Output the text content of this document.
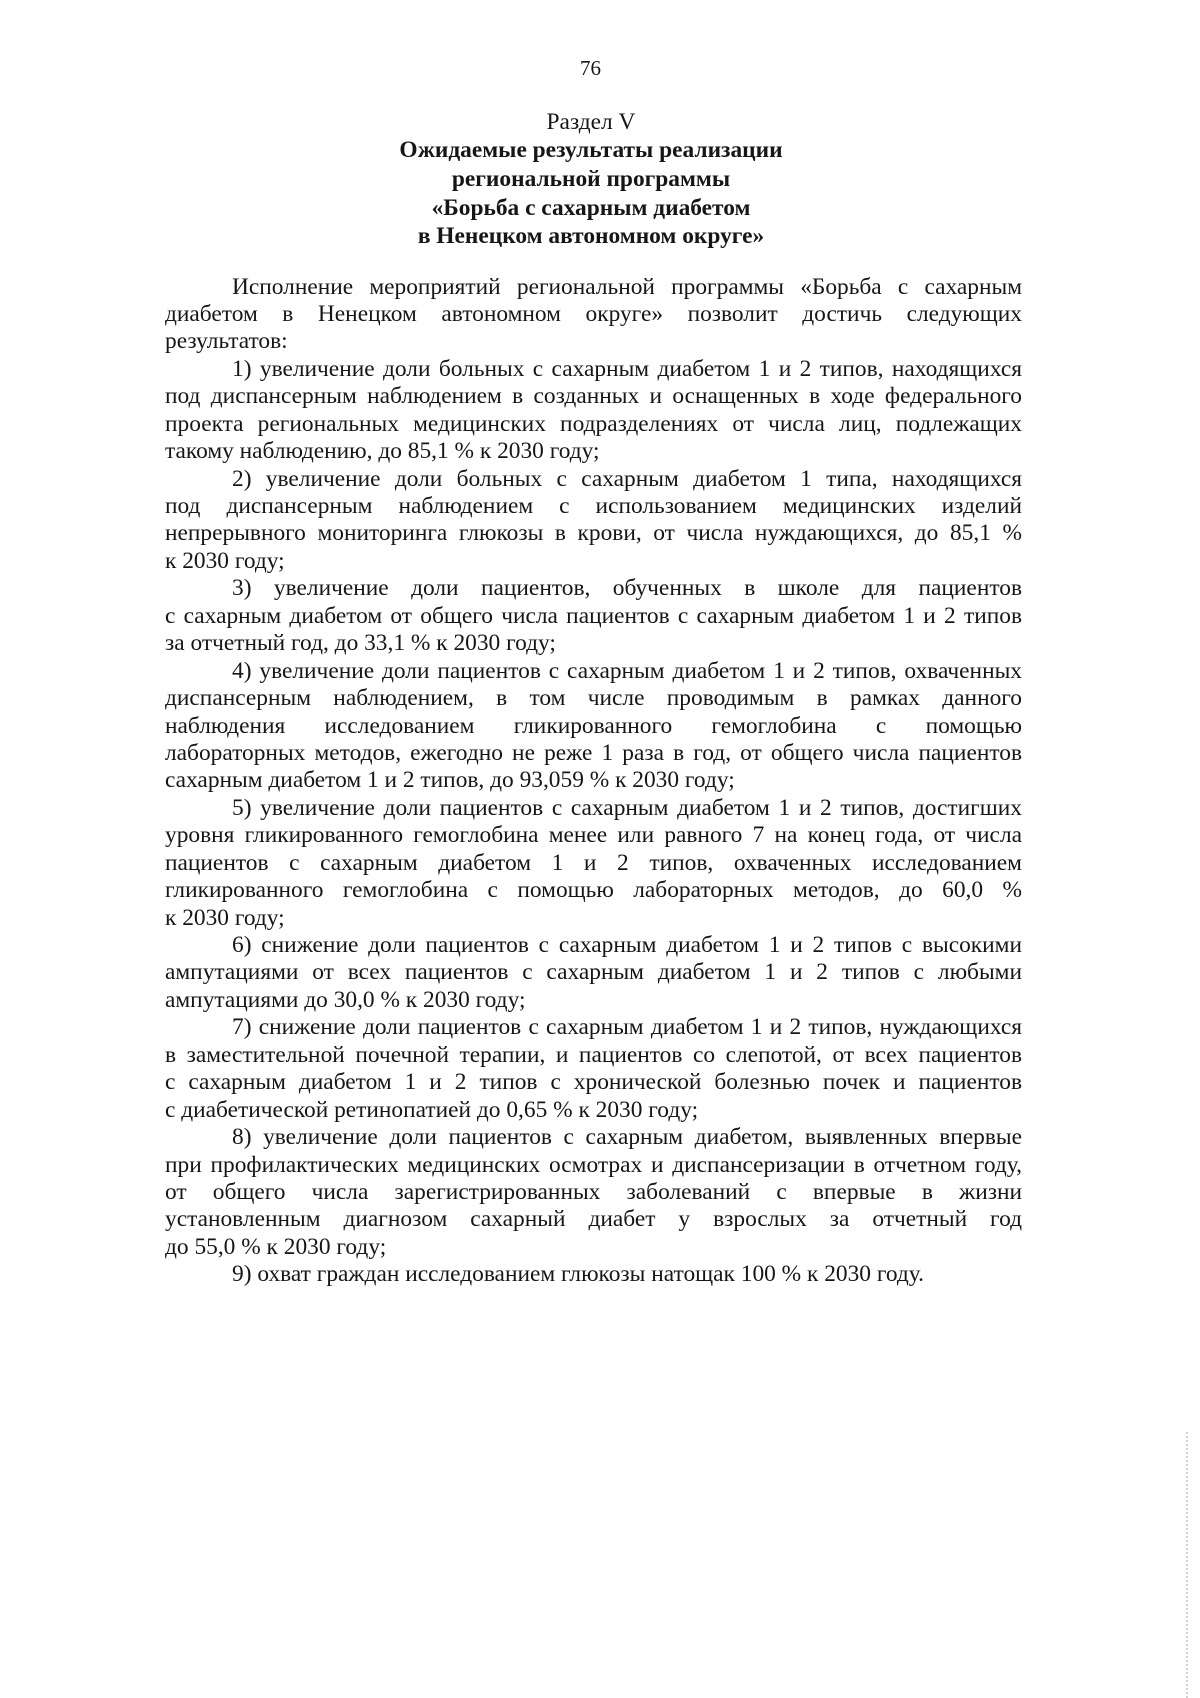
76
Раздел V
Ожидаемые результаты реализации
региональной программы
«Борьба с сахарным диабетом
в Ненецком автономном округе»
Исполнение мероприятий региональной программы «Борьба с сахарным
диабетом в Ненецком автономном округе» позволит достичь следующих
результатов:
1) увеличение доли больных с сахарным диабетом 1 и 2 типов, находящихся
под диспансерным наблюдением в созданных и оснащенных в ходе федерального
проекта региональных медицинских подразделениях от числа лиц, подлежащих
такому наблюдению, до 85,1 % к 2030 году;
2) увеличение доли больных с сахарным диабетом 1 типа, находящихся
под диспансерным наблюдением с использованием медицинских изделий
непрерывного мониторинга глюкозы в крови, от числа нуждающихся, до 85,1 %
к 2030 году;
3) увеличение доли пациентов, обученных в школе для пациентов
с сахарным диабетом от общего числа пациентов с сахарным диабетом 1 и 2 типов
за отчетный год, до 33,1 % к 2030 году;
4) увеличение доли пациентов с сахарным диабетом 1 и 2 типов, охваченных
диспансерным наблюдением, в том числе проводимым в рамках данного
наблюдения исследованием гликированного гемоглобина с помощью
лабораторных методов, ежегодно не реже 1 раза в год, от общего числа пациентов
сахарным диабетом 1 и 2 типов, до 93,059 % к 2030 году;
5) увеличение доли пациентов с сахарным диабетом 1 и 2 типов, достигших
уровня гликированного гемоглобина менее или равного 7 на конец года, от числа
пациентов с сахарным диабетом 1 и 2 типов, охваченных исследованием
гликированного гемоглобина с помощью лабораторных методов, до 60,0 %
к 2030 году;
6) снижение доли пациентов с сахарным диабетом 1 и 2 типов с высокими
ампутациями от всех пациентов с сахарным диабетом 1 и 2 типов с любыми
ампутациями до 30,0 % к 2030 году;
7) снижение доли пациентов с сахарным диабетом 1 и 2 типов, нуждающихся
в заместительной почечной терапии, и пациентов со слепотой, от всех пациентов
с сахарным диабетом 1 и 2 типов с хронической болезнью почек и пациентов
с диабетической ретинопатией до 0,65 % к 2030 году;
8) увеличение доли пациентов с сахарным диабетом, выявленных впервые
при профилактических медицинских осмотрах и диспансеризации в отчетном году,
от общего числа зарегистрированных заболеваний с впервые в жизни
установленным диагнозом сахарный диабет у взрослых за отчетный год
до 55,0 % к 2030 году;
9) охват граждан исследованием глюкозы натощак 100 % к 2030 году.
